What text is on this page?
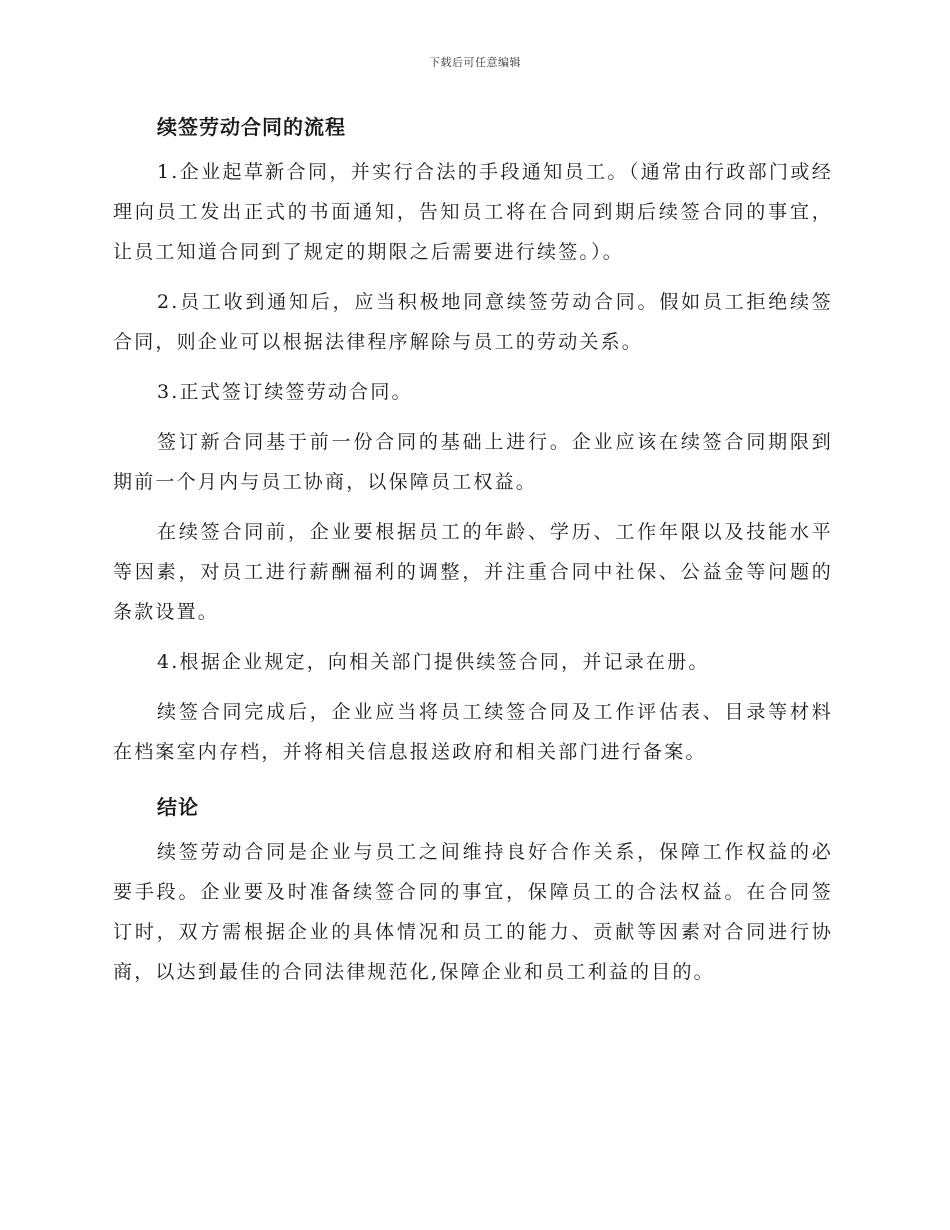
下载后可任意编辑
续签劳动合同的流程

1.企业起草新合同，并实行合法的手段通知员工。（通常由行政部门或经理向员工发出正式的书面通知，告知员工将在合同到期后续签合同的事宜，让员工知道合同到了规定的期限之后需要进行续签。）。

2.员工收到通知后，应当积极地同意续签劳动合同。假如员工拒绝续签合同，则企业可以根据法律程序解除与员工的劳动关系。

3.正式签订续签劳动合同。

签订新合同基于前一份合同的基础上进行。企业应该在续签合同期限到期前一个月内与员工协商，以保障员工权益。

在续签合同前，企业要根据员工的年龄、学历、工作年限以及技能水平等因素，对员工进行薪酬福利的调整，并注重合同中社保、公益金等问题的条款设置。

4.根据企业规定，向相关部门提供续签合同，并记录在册。

续签合同完成后，企业应当将员工续签合同及工作评估表、目录等材料在档案室内存档，并将相关信息报送政府和相关部门进行备案。

结论

续签劳动合同是企业与员工之间维持良好合作关系，保障工作权益的必要手段。企业要及时准备续签合同的事宜，保障员工的合法权益。在合同签订时，双方需根据企业的具体情况和员工的能力、贡献等因素对合同进行协商，以达到最佳的合同法律规范化,保障企业和员工利益的目的。
